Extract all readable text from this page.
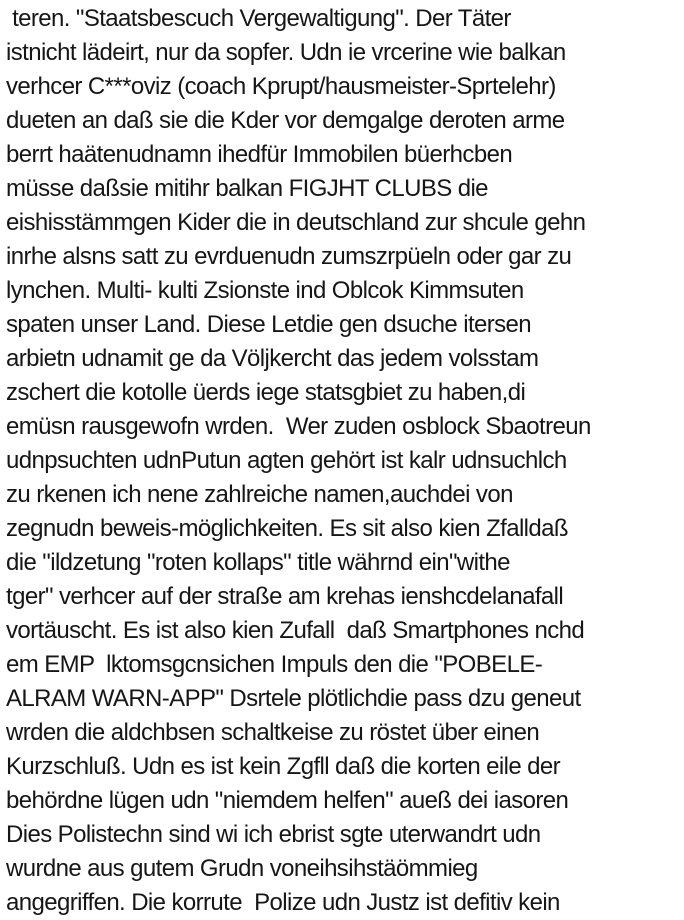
teren. "Staatsbescuch Vergewaltigung". Der Täter
istnicht lädeirt, nur da sopfer. Udn ie vrcerine wie balkan
verhcer C***oviz (coach Kprupt/hausmeister-Sprtelehr)
dueten an daß sie die Kder vor demgalge deroten arme
berrt haätenudnamn ihedfür Immobilen büerhcben
müsse daßsie mitihr balkan FIGJHT CLUBS die
eishisstämmgen Kider die in deutschland zur shcule gehn
inrhe alsns satt zu evrduenudn zumszrpüeln oder gar zu
lynchen. Multi- kulti Zsionste ind Oblcok Kimmsuten
spaten unser Land. Diese Letdie gen dsuche itersen
arbietn udnamit ge da Völjkercht das jedem volsstam
zschert die kotolle üerds iege statsgbiet zu haben,di
emüsn rausgewofn wrden.  Wer zuden osblock Sbaotreun
udnpsuchten udnPutun agten gehört ist kalr udnsuchlch
zu rkenen ich nene zahlreiche namen,auchdei von
zegnudn beweis-möglichkeiten. Es sit also kien Zfalldaß
die "ildzetung "roten kollaps" title währnd ein"withe
tger" verhcer auf der straße am krehas ienshcdelanafall
vortäuscht. Es ist also kien Zufall  daß Smartphones nchd
em EMP  lktomsgcnsichen Impuls den die "POBELE-
ALRAM WARN-APP" Dsrtele plötlichdie pass dzu geneut
wrden die aldchbsen schaltkeise zu röstet über einen
Kurzschluß. Udn es ist kein Zgfll daß die korten eile der
behördne lügen udn "niemdem helfen" aueß dei iasoren
Dies Polistechn sind wi ich ebrist sgte uterwandrt udn
wurdne aus gutem Grudn voneihsihstäömmieg
angegriffen. Die korrute  Polize udn Justz ist defitiv kein
